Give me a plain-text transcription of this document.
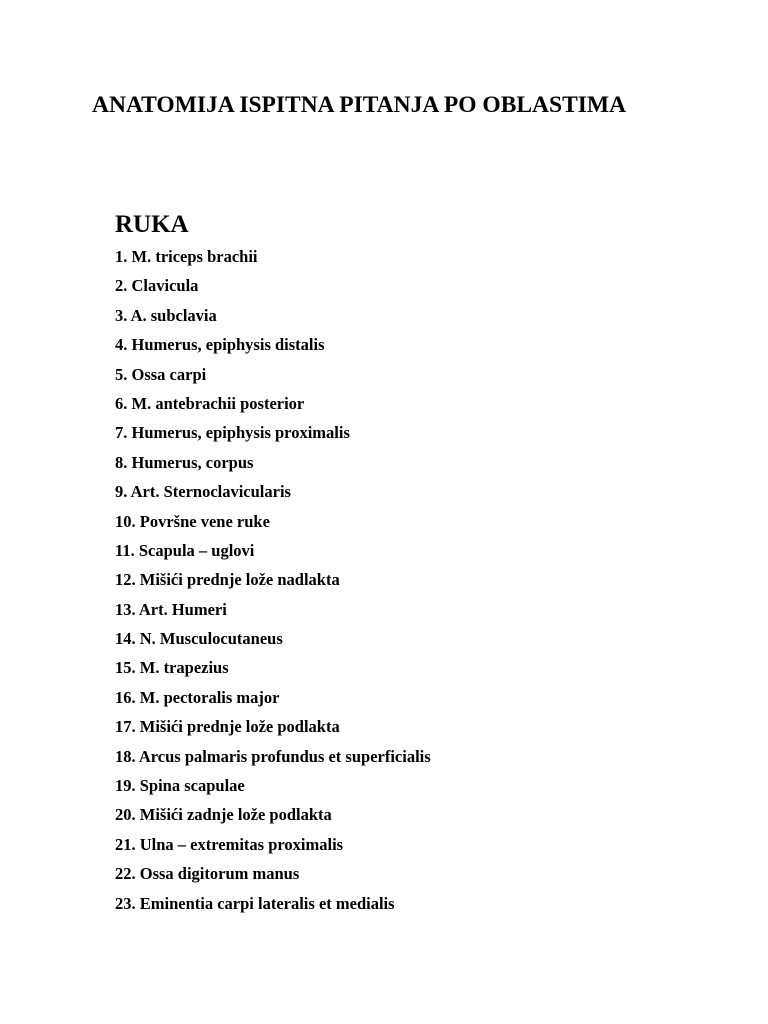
ANATOMIJA ISPITNA PITANJA PO OBLASTIMA
RUKA
1. M. triceps brachii
2. Clavicula
3. A. subclavia
4. Humerus, epiphysis distalis
5. Ossa carpi
6. M. antebrachii posterior
7. Humerus, epiphysis proximalis
8. Humerus, corpus
9. Art. Sternoclavicularis
10. Površne vene ruke
11. Scapula – uglovi
12. Mišići prednje lože nadlakta
13. Art. Humeri
14. N. Musculocutaneus
15. M. trapezius
16. M. pectoralis major
17. Mišići prednje lože podlakta
18. Arcus palmaris profundus et superficialis
19. Spina scapulae
20. Mišići zadnje lože podlakta
21. Ulna – extremitas proximalis
22. Ossa digitorum manus
23. Eminentia carpi lateralis et medialis
